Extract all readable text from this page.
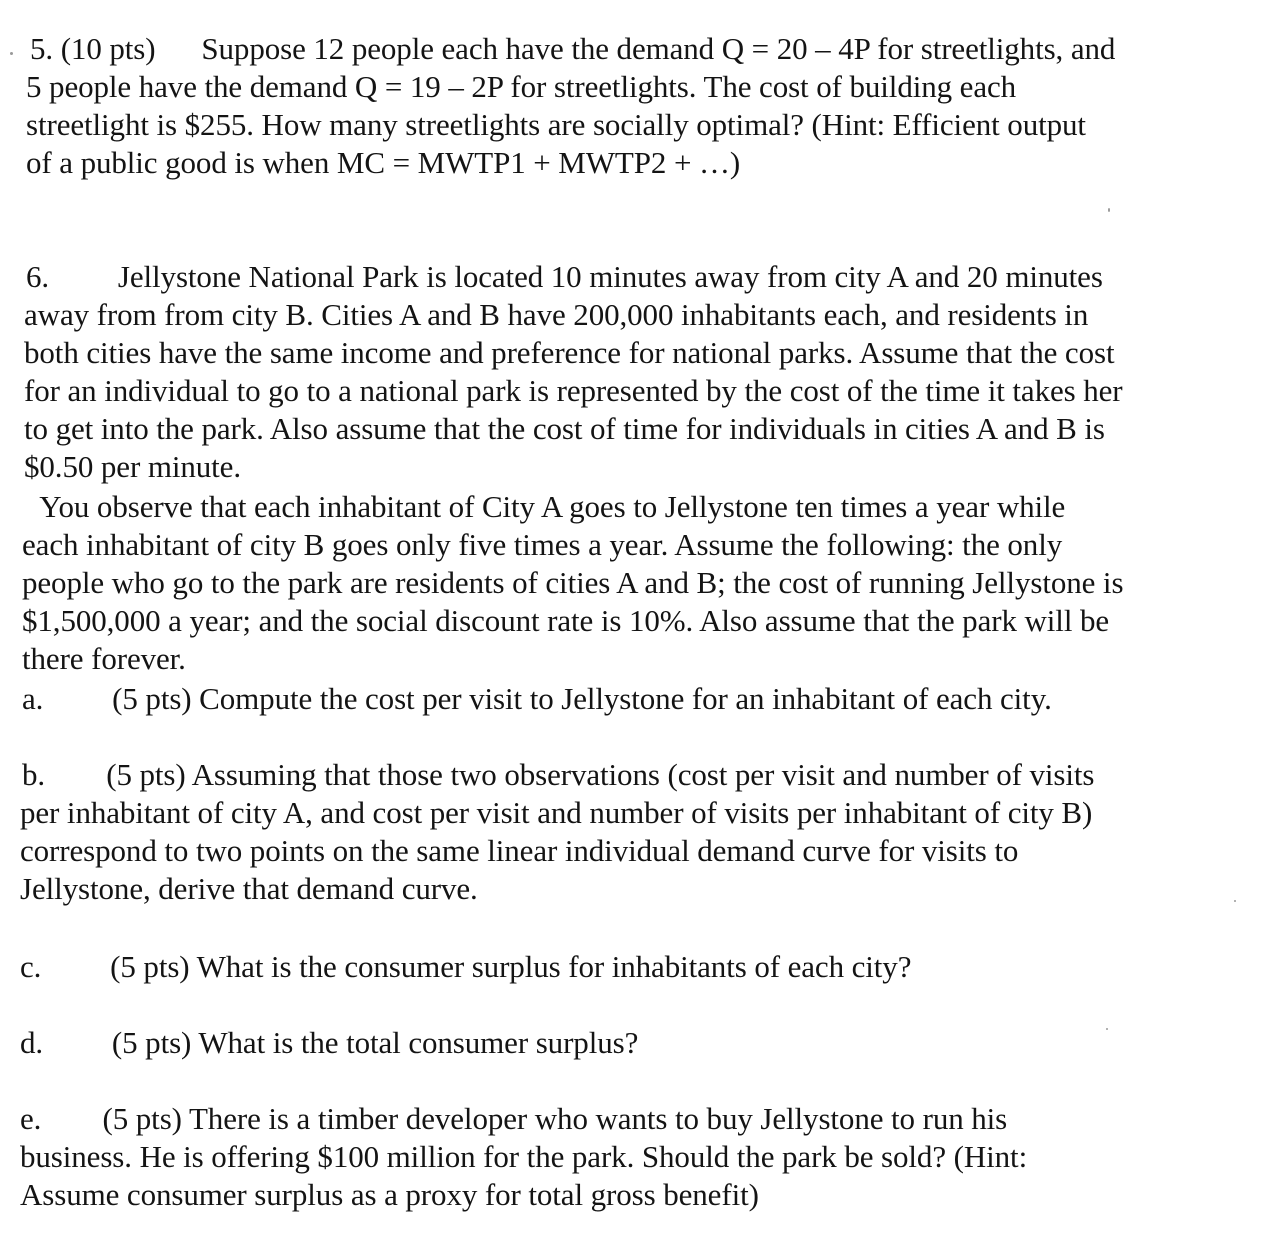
5. (10 pts)      Suppose 12 people each have the demand Q = 20 – 4P for streetlights, and
5 people have the demand Q = 19 – 2P for streetlights. The cost of building each
streetlight is $255. How many streetlights are socially optimal? (Hint: Efficient output
of a public good is when MC = MWTP1 + MWTP2 + …)
6.         Jellystone National Park is located 10 minutes away from city A and 20 minutes
away from from city B. Cities A and B have 200,000 inhabitants each, and residents in
both cities have the same income and preference for national parks. Assume that the cost
for an individual to go to a national park is represented by the cost of the time it takes her
to get into the park. Also assume that the cost of time for individuals in cities A and B is
$0.50 per minute.
You observe that each inhabitant of City A goes to Jellystone ten times a year while
each inhabitant of city B goes only five times a year. Assume the following: the only
people who go to the park are residents of cities A and B; the cost of running Jellystone is
$1,500,000 a year; and the social discount rate is 10%. Also assume that the park will be
there forever.
a.         (5 pts) Compute the cost per visit to Jellystone for an inhabitant of each city.
b.        (5 pts) Assuming that those two observations (cost per visit and number of visits
per inhabitant of city A, and cost per visit and number of visits per inhabitant of city B)
correspond to two points on the same linear individual demand curve for visits to
Jellystone, derive that demand curve.
c.         (5 pts) What is the consumer surplus for inhabitants of each city?
d.         (5 pts) What is the total consumer surplus?
e.        (5 pts) There is a timber developer who wants to buy Jellystone to run his
business. He is offering $100 million for the park. Should the park be sold? (Hint:
Assume consumer surplus as a proxy for total gross benefit)
